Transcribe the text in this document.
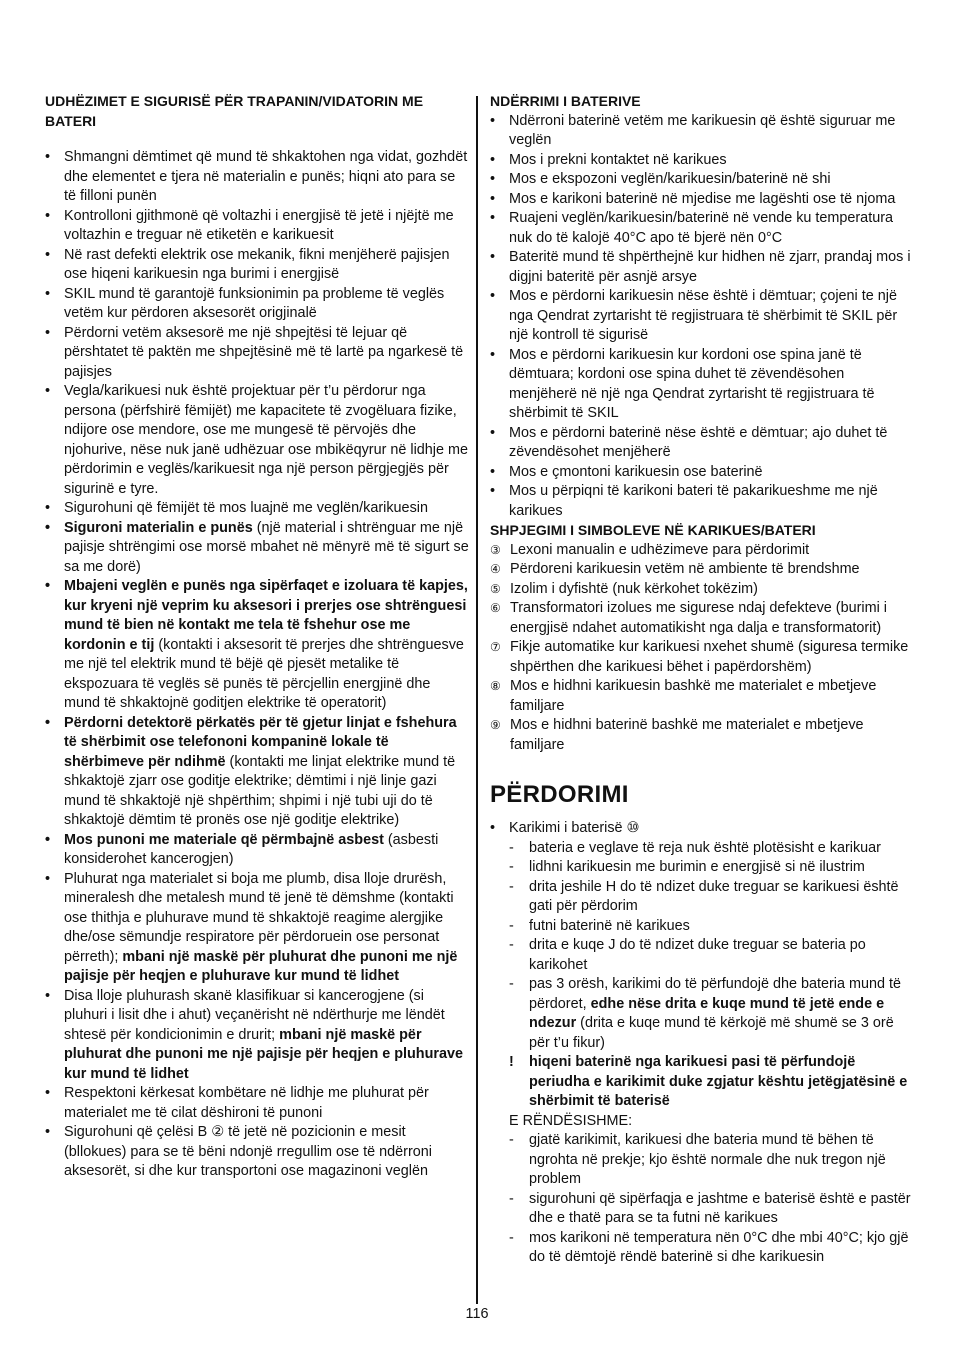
UDHËZIMET E SIGURISË PËR TRAPANIN/VIDATORIN ME BATERI
• Shmangni dëmtimet që mund të shkaktohen nga vidat, gozhdët dhe elementet e tjera në materialin e punës; hiqni ato para se të filloni punën
• Kontrolloni gjithmonë që voltazhi i energjisë të jetë i njëjtë me voltazhin e treguar në etiketën e karikuesit
• Në rast defekti elektrik ose mekanik, fikni menjëherë pajisjen ose hiqeni karikuesin nga burimi i energjisë
• SKIL mund të garantojë funksionimin pa probleme të veglës vetëm kur përdoren aksesorët origjinalë
• Përdorni vetëm aksesorë me një shpejtësi të lejuar që përshtatet të paktën me shpejtësinë më të lartë pa ngarkesë të pajisjes
• Vegla/karikuesi nuk është projektuar për t’u përdorur nga persona (përfshirë fëmijët) me kapacitete të zvogëluara fizike, ndijore ose mendore, ose me mungesë të përvojës dhe njohurive, nëse nuk janë udhëzuar ose mbikëqyrur në lidhje me përdorimin e veglës/karikuesit nga një person përgjegjës për sigurinë e tyre.
• Sigurohuni që fëmijët të mos luajnë me veglën/karikuesin
• Siguroni materialin e punës (një material i shtrënguar me një pajisje shtrëngimi ose morsë mbahet në mënyrë më të sigurt se sa me dorë)
• Mbajeni veglën e punës nga sipërfaqet e izoluara të kapjes, kur kryeni një veprim ku aksesori i prerjes ose shtrënguesi mund të bien në kontakt me tela të fshehur ose me kordonin e tij (kontakti i aksesorit të prerjes dhe shtrënguesve me një tel elektrik mund të bëjë që pjesët metalike të ekspozuara të veglës së punës të përcjellin energjinë dhe mund të shkaktojnë goditjen elektrike të operatorit)
• Përdorni detektorë përkatës për të gjetur linjat e fshehura të shërbimit ose telefononi kompaninë lokale të shërbimeve për ndihmë (kontakti me linjat elektrike mund të shkaktojë zjarr ose goditje elektrike; dëmtimi i një linje gazi mund të shkaktojë një shpërthim; shpimi i një tubi uji do të shkaktojë dëmtim të pronës ose një goditje elektrike)
• Mos punoni me materiale që përmbajnë asbest (asbesti konsiderohet kancerogjen)
• Pluhurat nga materialet si boja me plumb, disa lloje drurësh, mineralesh dhe metalesh mund të jenë të dëmshme (kontakti ose thithja e pluhurave mund të shkaktojë reagime alergjike dhe/ose sëmundje respiratore për përdoruein ose personat përreth); mbani një maskë për pluhurat dhe punoni me një pajisje për heqjen e pluhurave kur mund të lidhet
• Disa lloje pluhurash skanë klasifikuar si kancerogjene (si pluhuri i lisit dhe i ahut) veçanërisht në ndërthurje me lëndët shtesë për kondicionimin e drurit; mbani një maskë për pluhurat dhe punoni me një pajisje për heqjen e pluhurave kur mund të lidhet
• Respektoni kërkesat kombëtare në lidhje me pluhurat për materialet me të cilat dëshironi të punoni
• Sigurohuni që çelësi B ② të jetë në pozicionin e mesit (bllokues) para se të bëni ndonjë rregullim ose të ndërroni aksesorët, si dhe kur transportoni ose magazinoni veglën
NDËRRIMI I BATERIVE
• Ndërroni baterinë vetëm me karikuesin që është siguruar me veglën
• Mos i prekni kontaktet në karikues
• Mos e ekspozoni veglën/karikuesin/baterinë në shi
• Mos e karikoni baterinë në mjedise me lagështi ose të njoma
• Ruajeni veglën/karikuesin/baterinë në vende ku temperatura nuk do të kalojë 40°C apo të bjerë nën 0°C
• Bateritë mund të shpërthejnë kur hidhen në zjarr, prandaj mos i digjni bateritë për asnjë arsye
• Mos e përdorni karikuesin nëse është i dëmtuar; çojeni te një nga Qendrat zyrtarisht të regjistruara të shërbimit të SKIL për një kontroll të sigurisë
• Mos e përdorni karikuesin kur kordoni ose spina janë të dëmtuara; kordoni ose spina duhet të zëvendësohen menjëherë në një nga Qendrat zyrtarisht të regjistruara të shërbimit të SKIL
• Mos e përdorni baterinë nëse është e dëmtuar; ajo duhet të zëvendësohet menjëherë
• Mos e çmontoni karikuesin ose baterinë
• Mos u përpiqni të karikoni bateri të pakarikueshme me një karikues
SHPJEGIMI I SIMBOLEVE NË KARIKUES/BATERI
③ Lexoni manualin e udhëzimeve para përdorimit
④ Përdoreni karikuesin vetëm në ambiente të brendshme
⑤ Izolim i dyfishtë (nuk kërkohet tokëzim)
⑥ Transformatori izolues me sigurese ndaj defekteve (burimi i energjisë ndahet automatikisht nga dalja e transformatorit)
⑦ Fikje automatike kur karikuesi nxehet shumë (siguresa termike shpërthen dhe karikuesi bëhet i papërdorshëm)
⑧ Mos e hidhni karikuesin bashkë me materialet e mbetjeve familjare
⑨ Mos e hidhni baterinë bashkë me materialet e mbetjeve familjare
PËRDORIMI
• Karikimi i baterisë ⑩
-	bateria e veglave të reja nuk është plotësisht e karikuar
-	lidhni karikuesin me burimin e energjisë si në ilustrim
-	drita jeshile H do të ndizet duke treguar se karikuesi është gati për përdorim
-	futni baterinë në karikues
-	drita e kuqe J do të ndizet duke treguar se bateria po karikohet
-	pas 3 orësh, karikimi do të përfundojë dhe bateria mund të përdoret, edhe nëse drita e kuqe mund të jetë ende e ndezur (drita e kuqe mund të kërkojë më shumë se 3 orë për t’u fikur)
!	hiqeni baterinë nga karikuesi pasi të përfundojë periudha e karikimit duke zgjatur kështu jetëgjatësinë e shërbimit të baterisë
E RËNDËSISHME:
-	gjatë karikimit, karikuesi dhe bateria mund të bëhen të ngrohta në prekje; kjo është normale dhe nuk tregon një problem
-	sigurohuni që sipërfaqja e jashtme e baterisë është e pastër dhe e thatë para se ta futni në karikues
-	mos karikoni në temperatura nën 0°C dhe mbi 40°C; kjo gjë do të dëmtojë rëndë baterinë si dhe karikuesin
116
